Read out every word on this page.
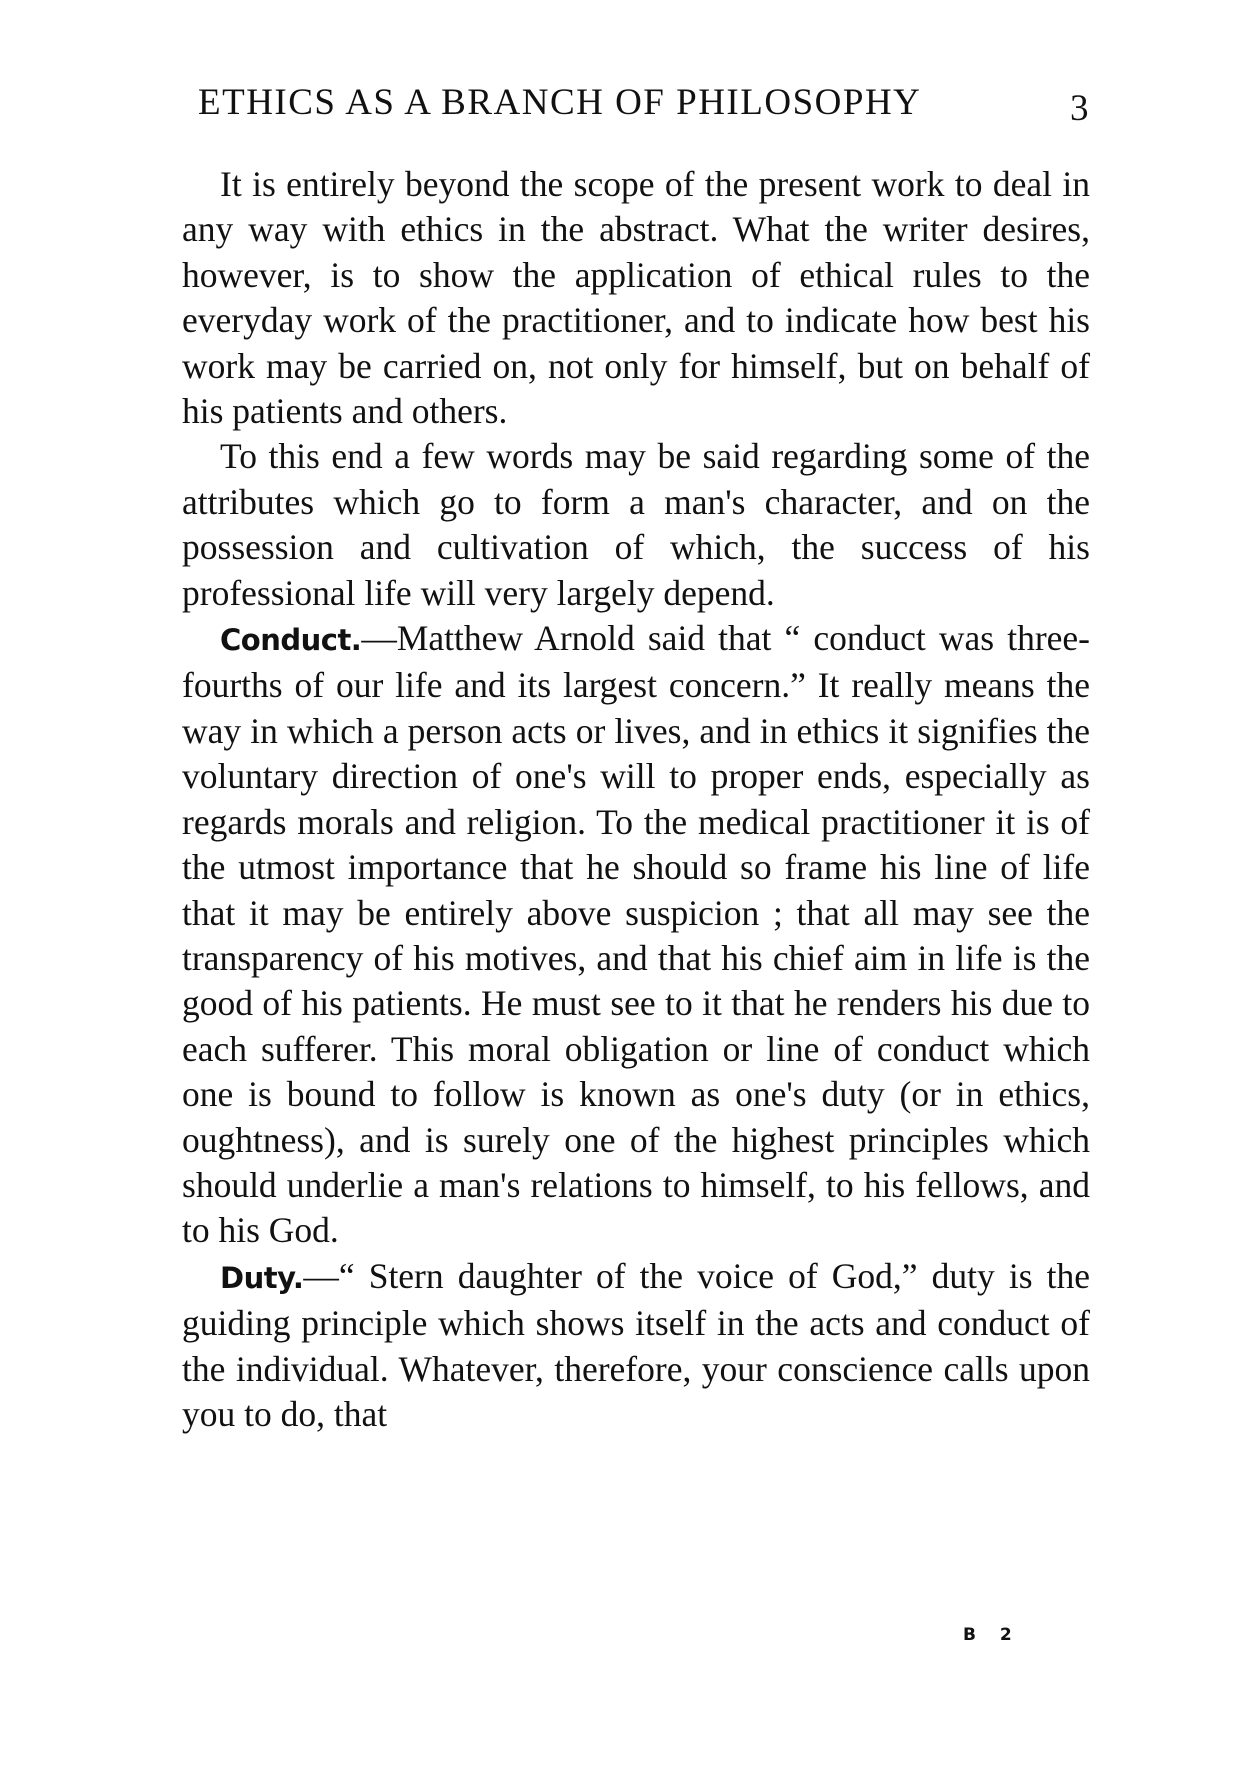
ETHICS AS A BRANCH OF PHILOSOPHY	3

It is entirely beyond the scope of the present work to deal in any way with ethics in the abstract. What the writer desires, however, is to show the application of ethical rules to the everyday work of the practitioner, and to indicate how best his work may be carried on, not only for himself, but on behalf of his patients and others.

To this end a few words may be said regarding some of the attributes which go to form a man's character, and on the possession and cultivation of which, the success of his professional life will very largely depend.

Conduct.—Matthew Arnold said that “ conduct was three-fourths of our life and its largest concern.” It really means the way in which a person acts or lives, and in ethics it signifies the voluntary direction of one's will to proper ends, especially as regards morals and religion. To the medical practitioner it is of the utmost importance that he should so frame his line of life that it may be entirely above suspicion ; that all may see the transparency of his motives, and that his chief aim in life is the good of his patients. He must see to it that he renders his due to each sufferer. This moral obligation or line of conduct which one is bound to follow is known as one's duty (or in ethics, oughtness), and is surely one of the highest principles which should underlie a man's relations to himself, to his fellows, and to his God.

Duty.—“ Stern daughter of the voice of God,” duty is the guiding principle which shows itself in the acts and conduct of the individual. Whatever, therefore, your conscience calls upon you to do, that

B 2
